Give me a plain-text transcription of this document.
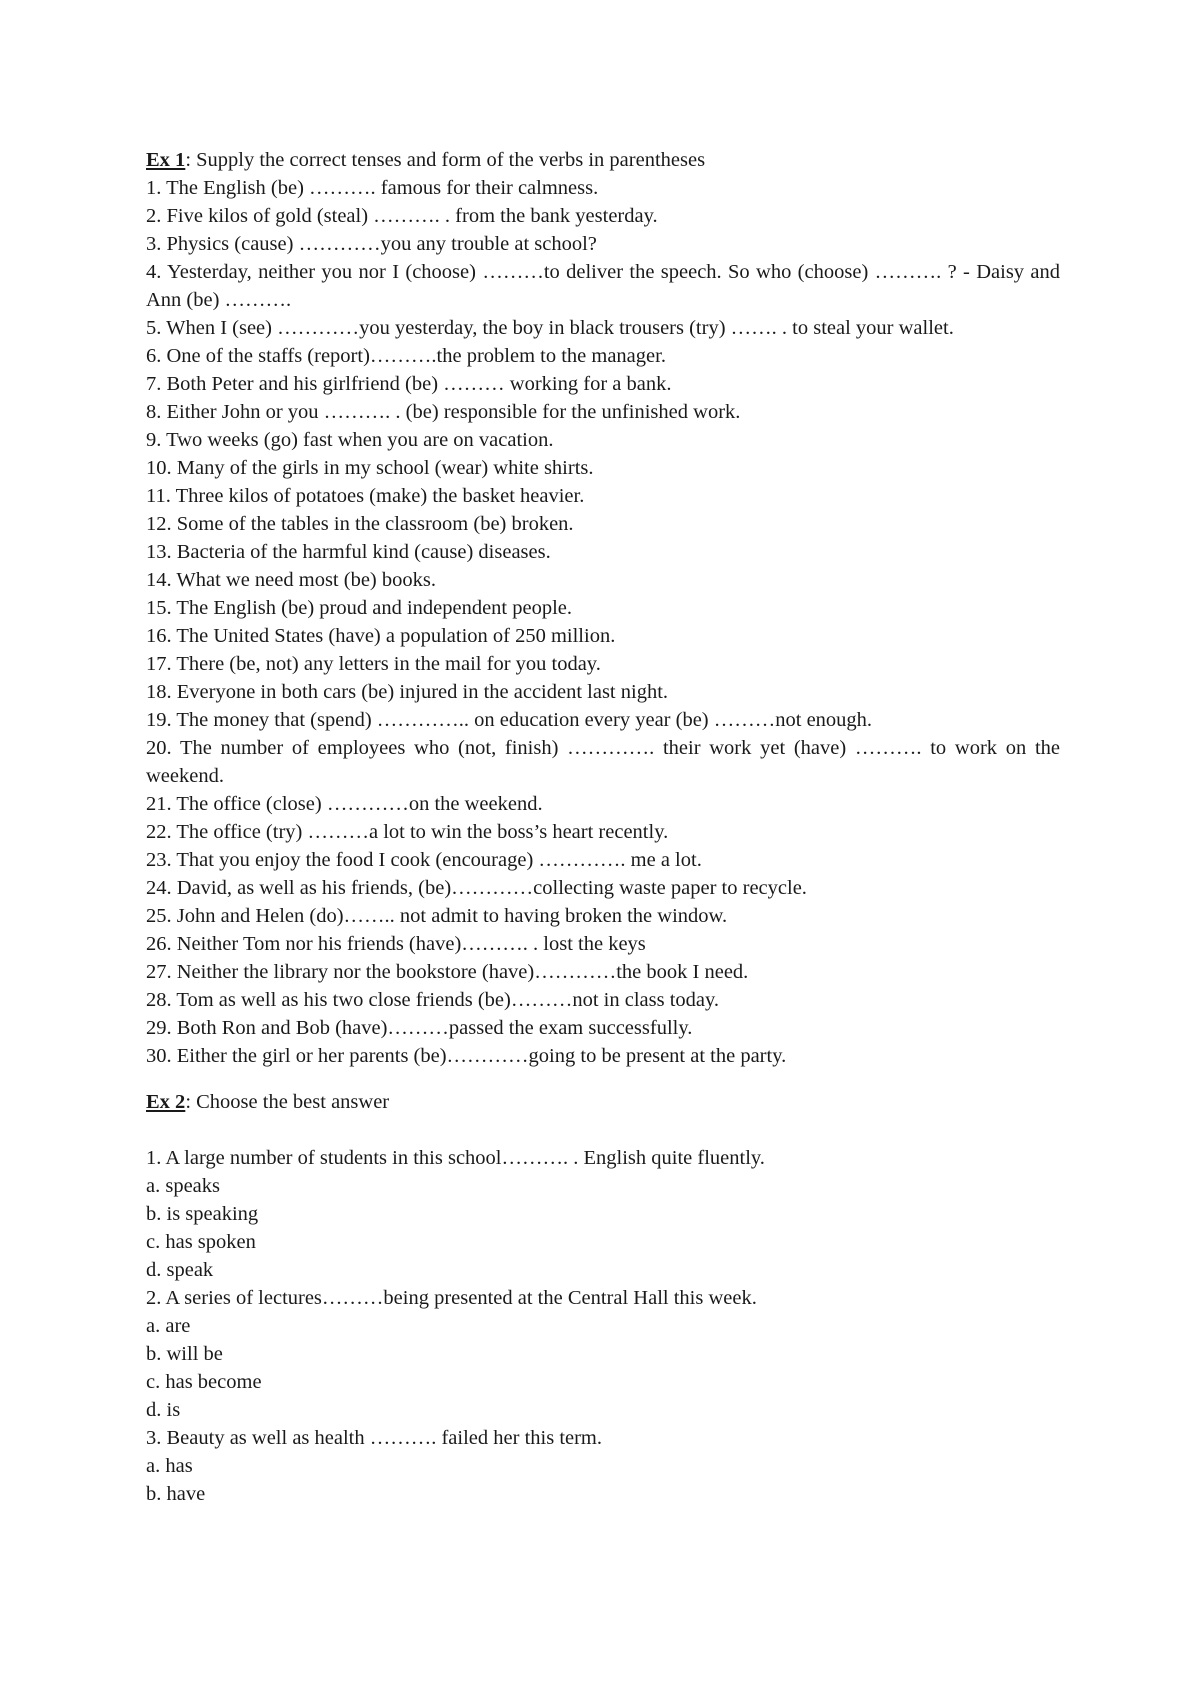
Ex 1: Supply the correct tenses and form of the verbs in parentheses

1. The English (be) ………. famous for their calmness.

2. Five kilos of gold (steal) ………. . from the bank yesterday.

3. Physics (cause) …………you any trouble at school?

4. Yesterday, neither you nor I (choose) ………to deliver the speech. So who (choose) ………. ? - Daisy and Ann (be) ……….

5. When I (see) …………you yesterday, the boy in black trousers (try) ……. . to steal your wallet.

6. One of the staffs (report)……….the problem to the manager.

7. Both Peter and his girlfriend (be) ……… working for a bank.

8. Either John or you ………. . (be) responsible for the unfinished work.

9. Two weeks (go) fast when you are on vacation.

10. Many of the girls in my school (wear) white shirts.

11. Three kilos of potatoes (make) the basket heavier.

12. Some of the tables in the classroom (be) broken.

13. Bacteria of the harmful kind (cause) diseases.

14. What we need most (be) books.

15. The English (be) proud and independent people.

16. The United States (have) a population of 250 million.

17. There (be, not) any letters in the mail for you today.

18. Everyone in both cars (be) injured in the accident last night.

19. The money that (spend) ………….. on education every year (be) ………not enough.

20. The number of employees who (not, finish) …………. their work yet (have) ………. to work on the weekend.

21. The office (close) …………on the weekend.

22. The office (try) ………a lot to win the boss’s heart recently.

23. That you enjoy the food I cook (encourage) …………. me a lot.

24. David, as well as his friends, (be)…………collecting waste paper to recycle.

25. John and Helen (do)…….. not admit to having broken the window.

26. Neither Tom nor his friends (have)………. . lost the keys

27. Neither the library nor the bookstore (have)…………the book I need.

28. Tom as well as his two close friends (be)………not in class today.

29. Both Ron and Bob (have)………passed the exam successfully.

30. Either the girl or her parents (be)…………going to be present at the party.

Ex 2: Choose the best answer

1. A large number of students in this school………. . English quite fluently.

a. speaks

b. is speaking

c. has spoken

d. speak

2. A series of lectures………being presented at the Central Hall this week.

a. are

b. will be

c. has become

d. is

3. Beauty as well as health ………. failed her this term.

a. has

b. have
